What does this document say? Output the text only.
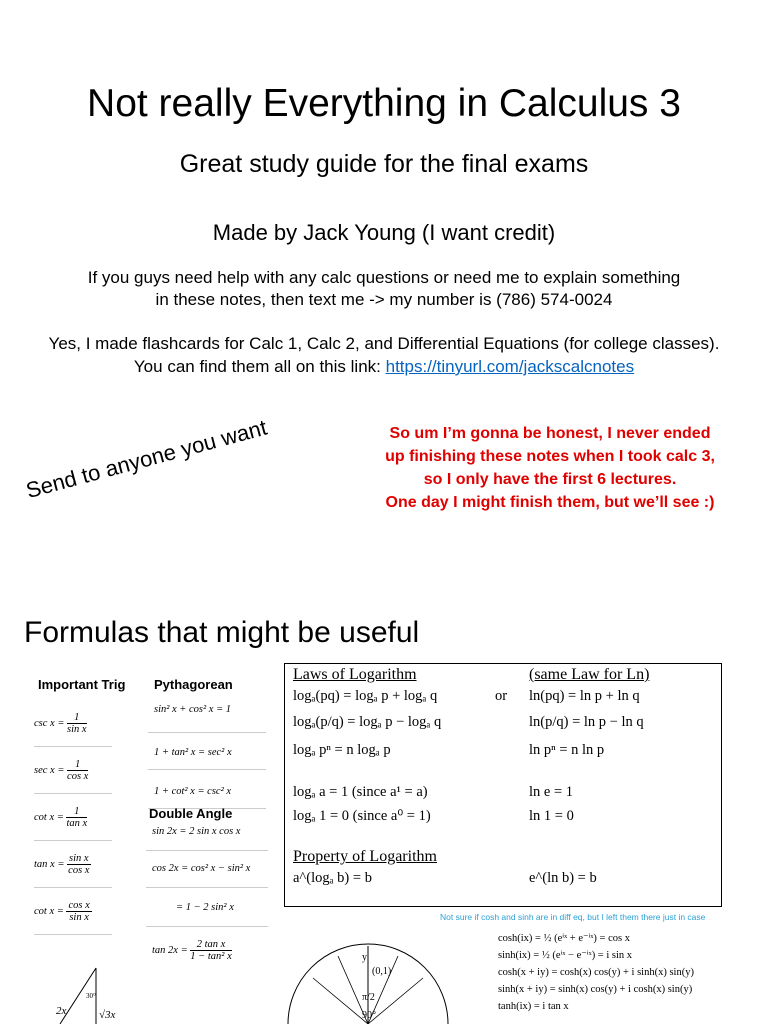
Not really Everything in Calculus 3
Great study guide for the final exams
Made by Jack Young (I want credit)
If you guys need help with any calc questions or need me to explain something
in these notes, then text me -> my number is (786) 574-0024
Yes, I made flashcards for Calc 1, Calc 2, and Differential Equations (for college classes).
You can find them all on this link: https://tinyurl.com/jackscalcnotes
Send to anyone you want	So um I’m gonna be honest, I never ended
up finishing these notes when I took calc 3,
so I only have the first 6 lectures.
One day I might finish them, but we’ll see :)
Formulas that might be useful
Important Trig
csc x =
$\frac{1}{\text{sin x}}$
sec x =
$\frac{1}{\text{cos x}}$
cot x =
$\frac{1}{\text{tan x}}$
tan x =
$\frac{\text{sin x}}{\text{cos x}}$
cot x =
$\frac{\text{cos x}}{\text{sin x}}$
Pythagorean
sin² x + cos² x = 1
1 + tan² x = sec² x
1 + cot² x = csc² x
Double Angle
sin 2x = 2 sin x cos x
cos 2x = cos² x − sin² x
= 1 − 2 sin² x
tan 2x =
$\frac{\text{2 tan x}}{\text{1 − tan² x}}$
Laws of Logarithm	(same Law for Ln)
logₐ(pq) = logₐ p + logₐ q	or ln(pq) = ln p + ln q
logₐ(p/q) = logₐ p − logₐ q	ln(p/q) = ln p − ln q
logₐ pⁿ = n logₐ p	ln pⁿ = n ln p
logₐ a = 1 (since a¹ = a)	ln e = 1
logₐ 1 = 0 (since a⁰ = 1)	ln 1 = 0
Property of Logarithm
a^(logₐ b) = b	e^(ln b) = b
Not sure if cosh and sinh are in diff eq, but I left them there just in case
cosh(ix) = ½ (eⁱˣ + e⁻ⁱˣ) = cos x
sinh(ix) = ½ (eⁱˣ − e⁻ⁱˣ) = i sin x
cosh(x + iy) = cosh(x) cos(y) + i sinh(x) sin(y)
sinh(x + iy) = sinh(x) cos(y) + i cosh(x) sin(y)
tanh(ix) = i tan x
y
(0,1)
π/2
90°
2x
30°
√3x
